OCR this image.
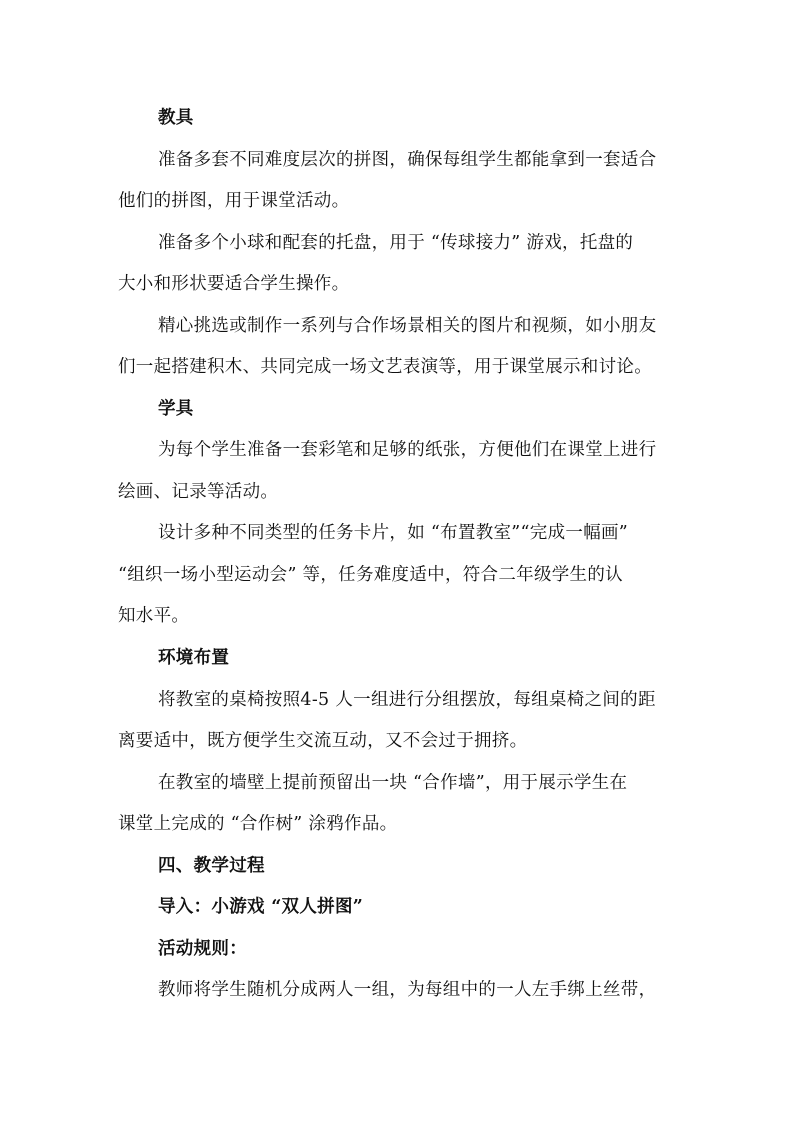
教具
准备多套不同难度层次的拼图，确保每组学生都能拿到一套适合
他们的拼图，用于课堂活动。
准备多个小球和配套的托盘，用于 “传球接力” 游戏，托盘的
大小和形状要适合学生操作。
精心挑选或制作一系列与合作场景相关的图片和视频，如小朋友
们一起搭建积木、共同完成一场文艺表演等，用于课堂展示和讨论。
学具
为每个学生准备一套彩笔和足够的纸张，方便他们在课堂上进行
绘画、记录等活动。
设计多种不同类型的任务卡片，如 “布置教室”“完成一幅画”
“组织一场小型运动会” 等，任务难度适中，符合二年级学生的认
知水平。
环境布置
将教室的桌椅按照4-5 人一组进行分组摆放，每组桌椅之间的距
离要适中，既方便学生交流互动，又不会过于拥挤。
在教室的墙壁上提前预留出一块 “合作墙”，用于展示学生在
课堂上完成的 “合作树” 涂鸦作品。
四、教学过程
导入：小游戏 “双人拼图”
活动规则：
教师将学生随机分成两人一组，为每组中的一人左手绑上丝带，
